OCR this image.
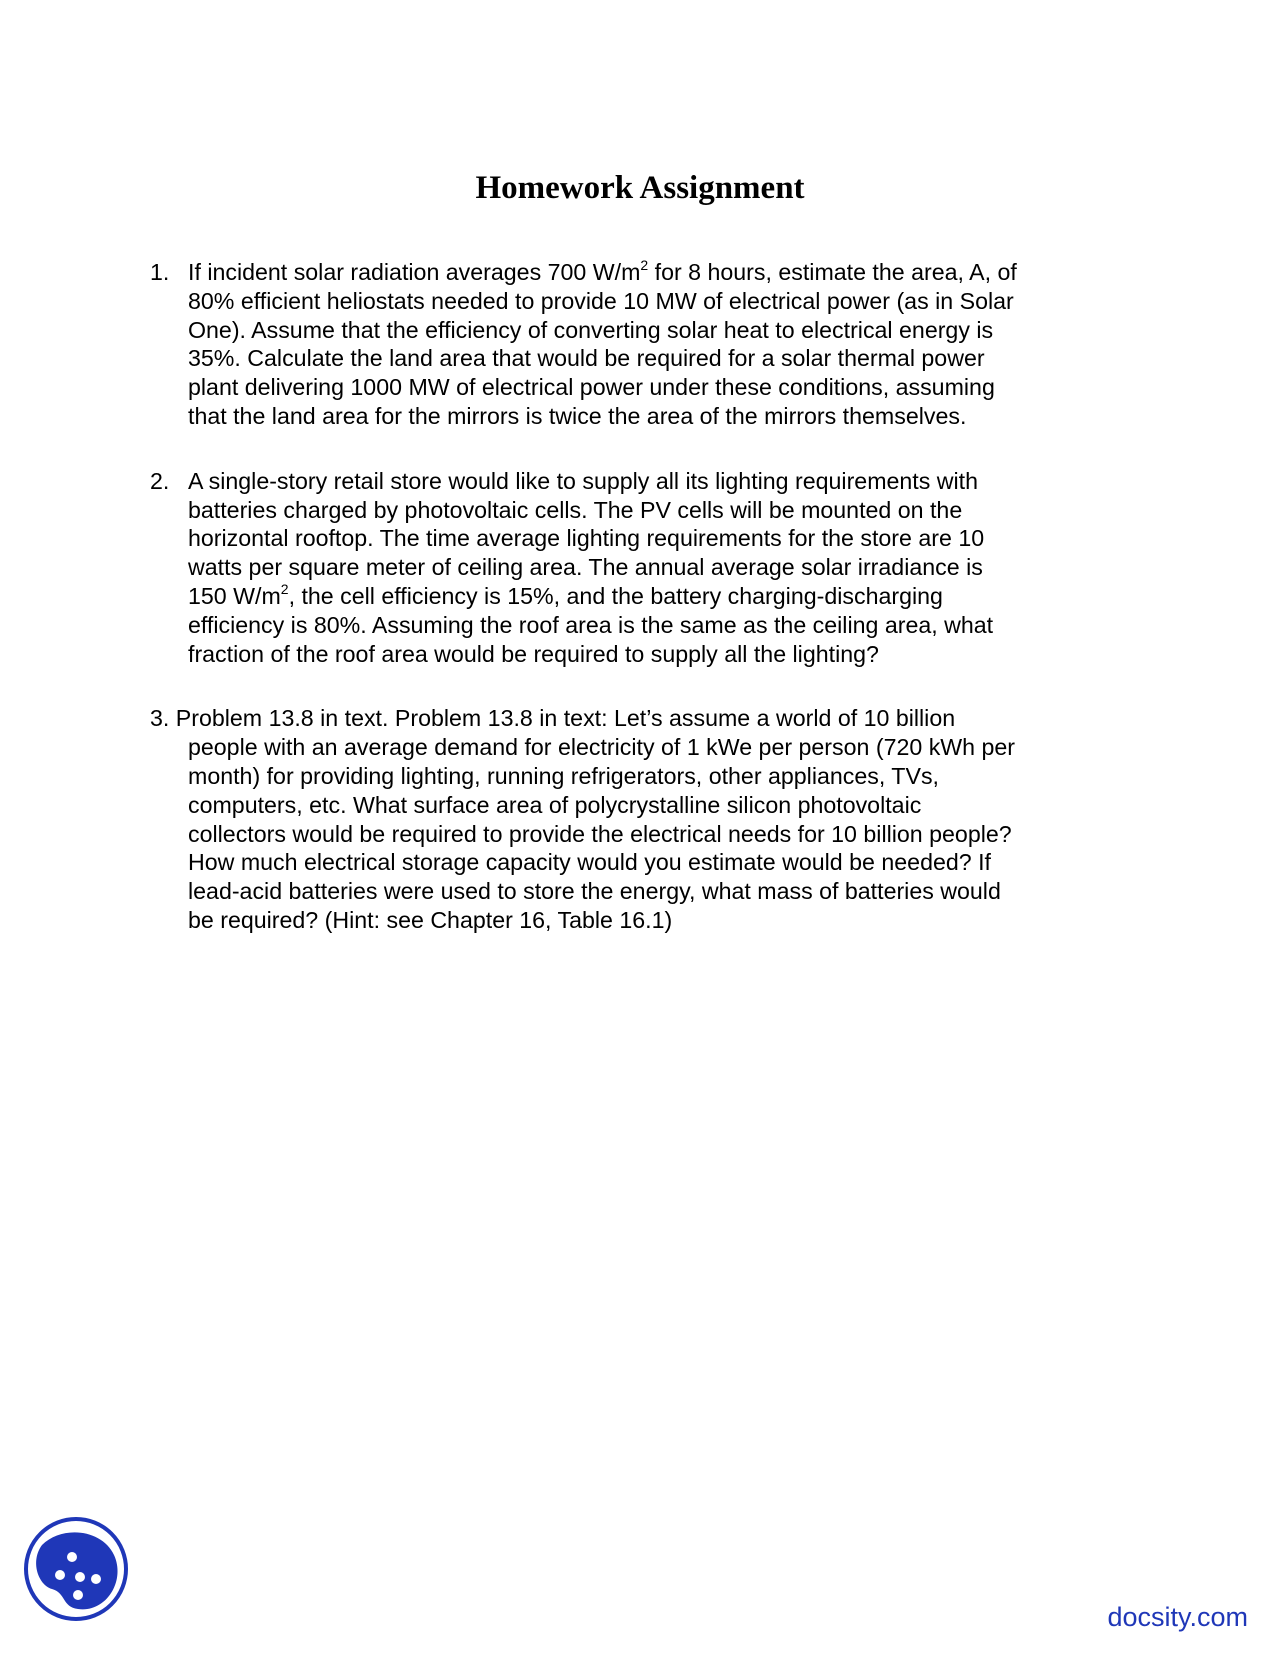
Homework Assignment
1. If incident solar radiation averages 700 $W/m^2$ for 8 hours, estimate the area, A, of
80% efficient heliostats needed to provide 10 MW of electrical power (as in Solar
One). Assume that the efficiency of converting solar heat to electrical energy is
35%. Calculate the land area that would be required for a solar thermal power
plant delivering 1000 MW of electrical power under these conditions, assuming
that the land area for the mirrors is twice the area of the mirrors themselves.
2. A single-story retail store would like to supply all its lighting requirements with
batteries charged by photovoltaic cells. The PV cells will be mounted on the
horizontal rooftop. The time average lighting requirements for the store are 10
watts per square meter of ceiling area. The annual average solar irradiance is
150 $W/m^2$, the cell efficiency is 15%, and the battery charging-discharging
efficiency is 80%. Assuming the roof area is the same as the ceiling area, what
fraction of the roof area would be required to supply all the lighting?
3. Problem 13.8 in text. Problem 13.8 in text: Let’s assume a world of 10 billion
people with an average demand for electricity of 1 kWe per person (720 kWh per
month) for providing lighting, running refrigerators, other appliances, TVs,
computers, etc. What surface area of polycrystalline silicon photovoltaic
collectors would be required to provide the electrical needs for 10 billion people?
How much electrical storage capacity would you estimate would be needed? If
lead-acid batteries were used to store the energy, what mass of batteries would
be required? (Hint: see Chapter 16, Table 16.1)
docsity.com
